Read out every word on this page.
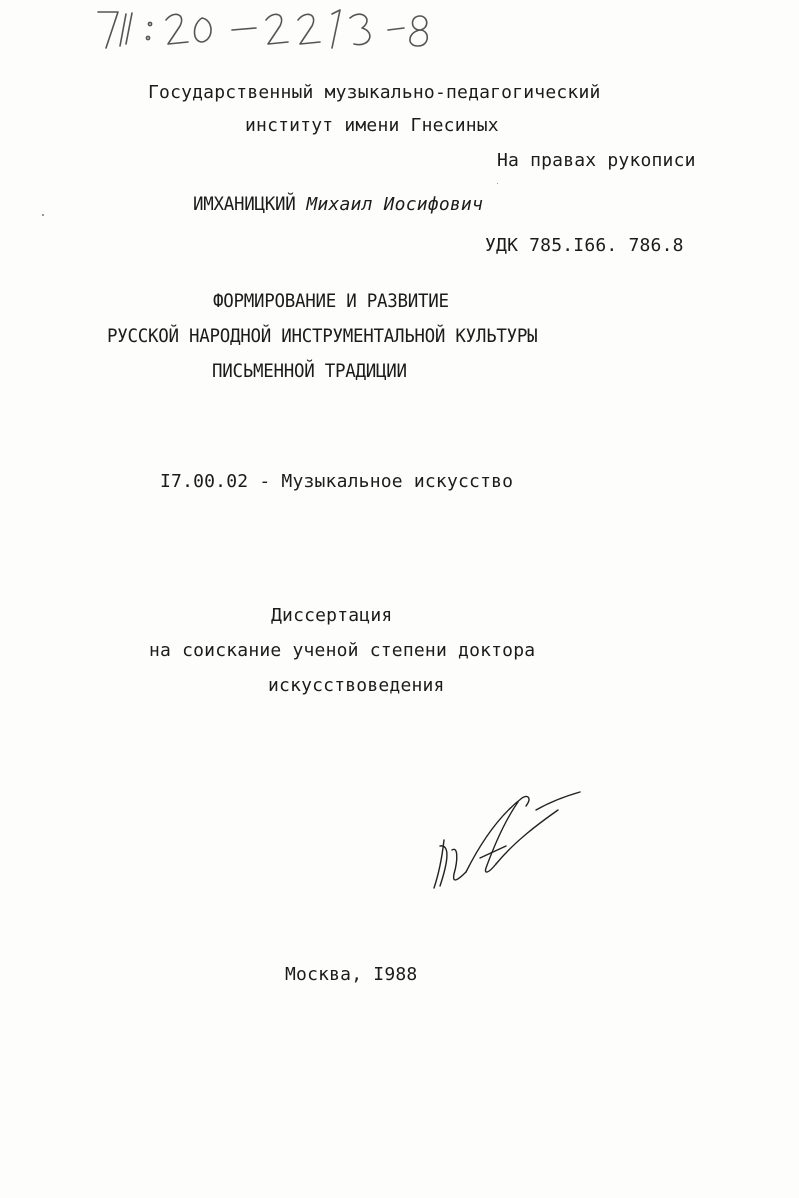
Государственный музыкально-педагогический
институт имени Гнесиных
На правах рукописи
ИМХАНИЦКИЙ Михаил Иосифович
УДК 785.I66. 786.8
ФОРМИРОВАНИЕ И РАЗВИТИЕ
РУССКОЙ НАРОДНОЙ ИНСТРУМЕНТАЛЬНОЙ КУЛЬТУРЫ
ПИСЬМЕННОЙ ТРАДИЦИИ
I7.00.02 - Музыкальное искусство
Диссертация
на соискание ученой степени доктора
искусствоведения
Москва, I988
